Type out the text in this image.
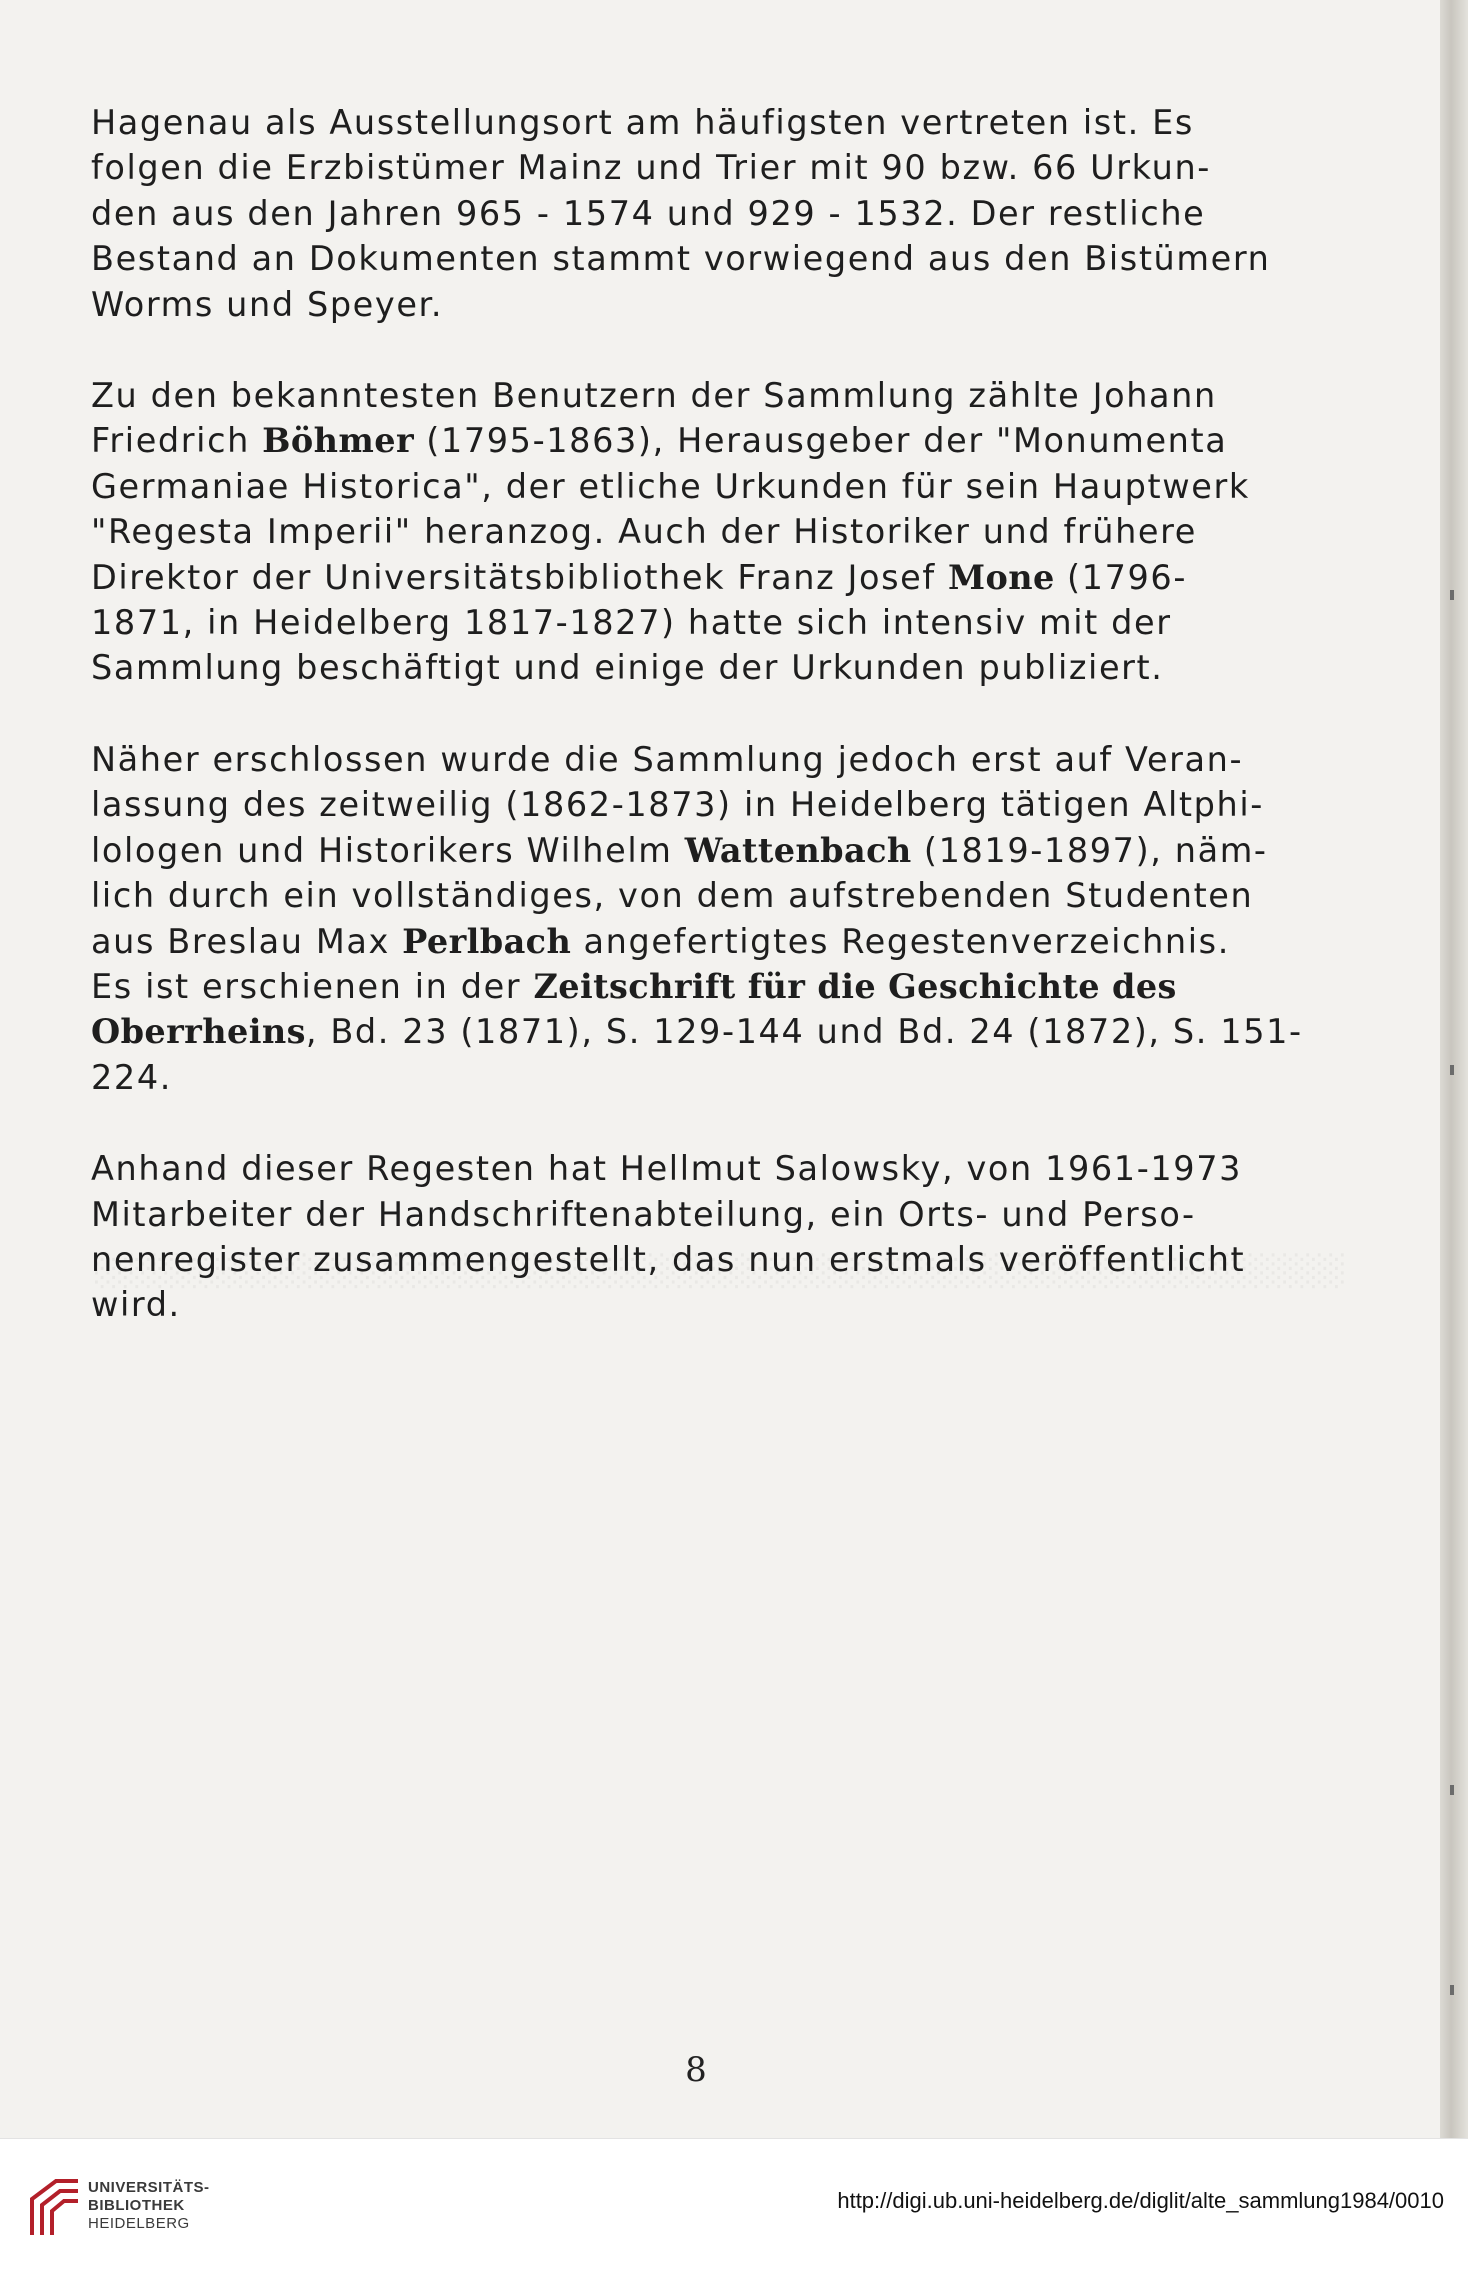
Hagenau als Ausstellungsort am häufigsten vertreten ist. Es
folgen die Erzbistümer Mainz und Trier mit 90 bzw. 66 Urkun-
den aus den Jahren 965 - 1574 und 929 - 1532. Der restliche
Bestand an Dokumenten stammt vorwiegend aus den Bistümern
Worms und Speyer.

Zu den bekanntesten Benutzern der Sammlung zählte Johann
Friedrich Böhmer (1795-1863), Herausgeber der "Monumenta
Germaniae Historica", der etliche Urkunden für sein Hauptwerk
"Regesta Imperii" heranzog. Auch der Historiker und frühere
Direktor der Universitätsbibliothek Franz Josef Mone (1796-
1871, in Heidelberg 1817-1827) hatte sich intensiv mit der
Sammlung beschäftigt und einige der Urkunden publiziert.

Näher erschlossen wurde die Sammlung jedoch erst auf Veran-
lassung des zeitweilig (1862-1873) in Heidelberg tätigen Altphi-
lologen und Historikers Wilhelm Wattenbach (1819-1897), näm-
lich durch ein vollständiges, von dem aufstrebenden Studenten
aus Breslau Max Perlbach angefertigtes Regestenverzeichnis.
Es ist erschienen in der Zeitschrift für die Geschichte des
Oberrheins, Bd. 23 (1871), S. 129-144 und Bd. 24 (1872), S. 151-
224.

Anhand dieser Regesten hat Hellmut Salowsky, von 1961-1973
Mitarbeiter der Handschriftenabteilung, ein Orts- und Perso-
nenregister zusammengestellt, das nun erstmals veröffentlicht
wird.

8
UNIVERSITÄTS-
BIBLIOTHEK
HEIDELBERG
http://digi.ub.uni-heidelberg.de/diglit/alte_sammlung1984/0010
